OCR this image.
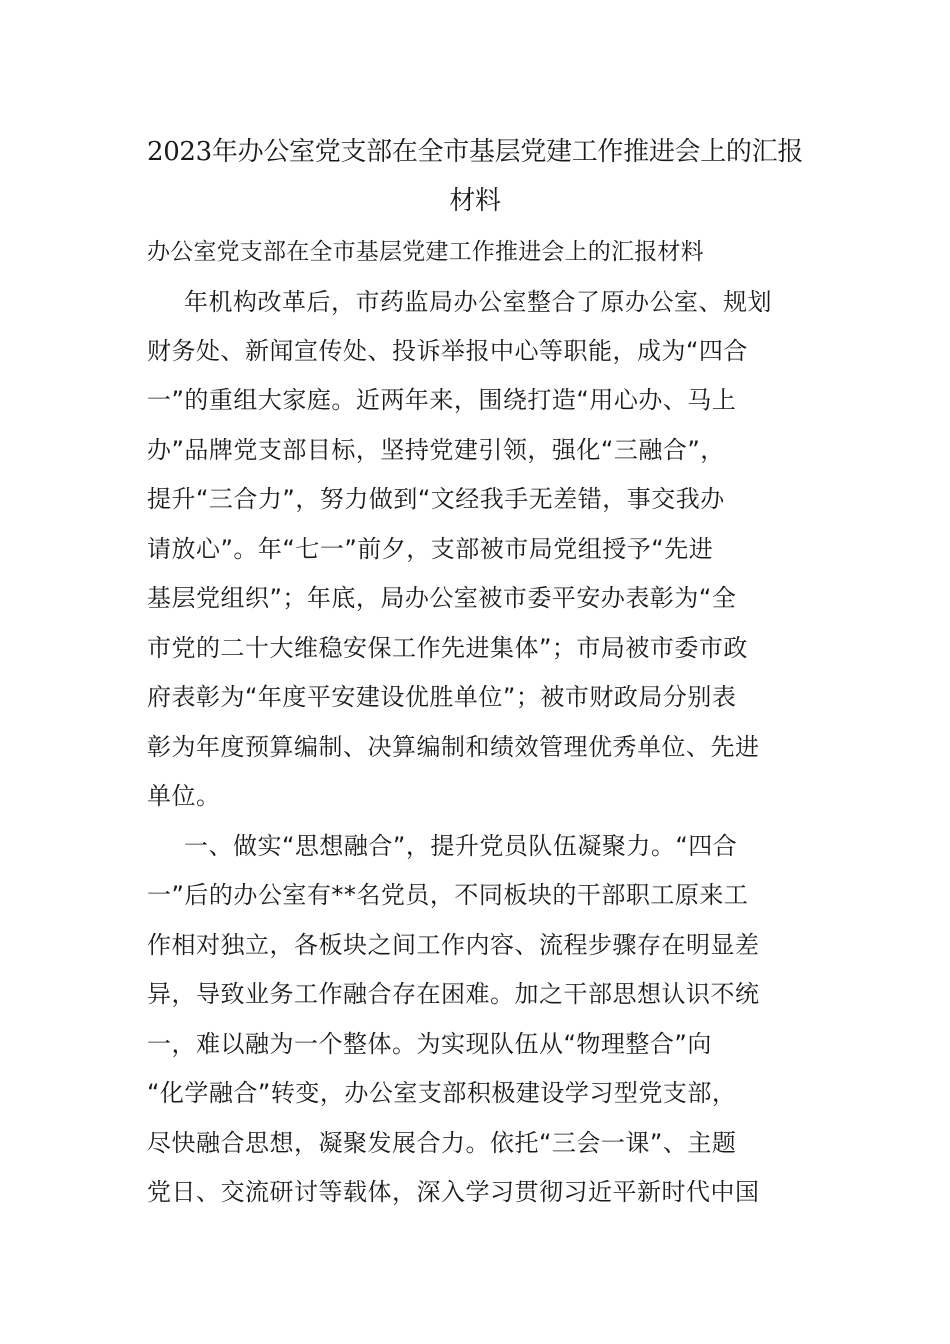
2023年办公室党支部在全市基层党建工作推进会上的汇报
材料
办公室党支部在全市基层党建工作推进会上的汇报材料
年机构改革后，市药监局办公室整合了原办公室、规划
财务处、新闻宣传处、投诉举报中心等职能，成为“四合
一”的重组大家庭。近两年来，围绕打造“用心办、马上
办”品牌党支部目标，坚持党建引领，强化“三融合”，
提升“三合力”，努力做到“文经我手无差错，事交我办
请放心”。年“七一”前夕，支部被市局党组授予“先进
基层党组织”；年底，局办公室被市委平安办表彰为“全
市党的二十大维稳安保工作先进集体”；市局被市委市政
府表彰为“年度平安建设优胜单位”；被市财政局分别表
彰为年度预算编制、决算编制和绩效管理优秀单位、先进
单位。
一、做实“思想融合”，提升党员队伍凝聚力。“四合
一”后的办公室有**名党员，不同板块的干部职工原来工
作相对独立，各板块之间工作内容、流程步骤存在明显差
异，导致业务工作融合存在困难。加之干部思想认识不统
一，难以融为一个整体。为实现队伍从“物理整合”向
“化学融合”转变，办公室支部积极建设学习型党支部，
尽快融合思想，凝聚发展合力。依托“三会一课”、主题
党日、交流研讨等载体，深入学习贯彻习近平新时代中国
